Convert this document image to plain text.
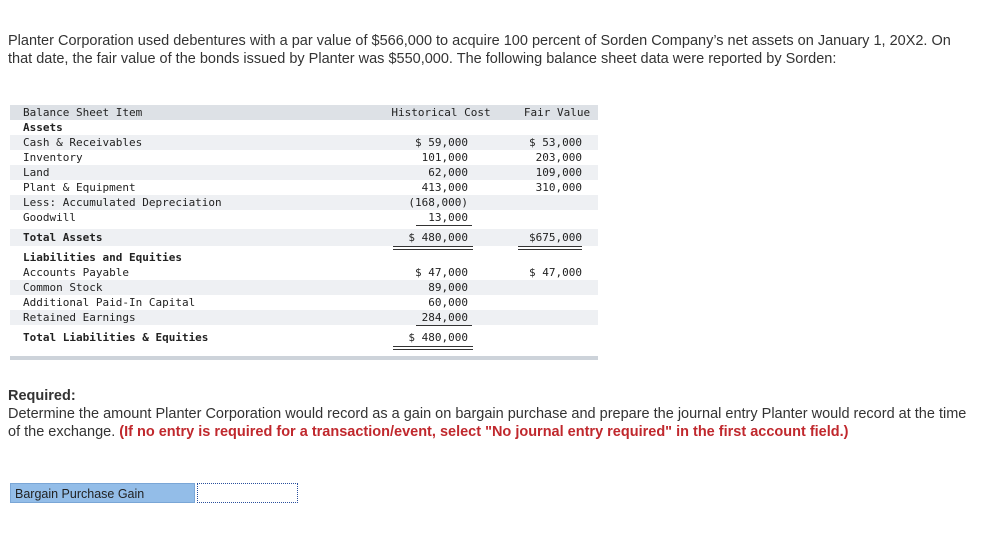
Planter Corporation used debentures with a par value of $566,000 to acquire 100 percent of Sorden Company’s net assets on January 1, 20X2. On that date, the fair value of the bonds issued by Planter was $550,000. The following balance sheet data were reported by Sorden:
Balance Sheet Item	Historical Cost	Fair Value
Assets
Cash & Receivables	$ 59,000	$ 53,000
Inventory	101,000	203,000
Land	62,000	109,000
Plant & Equipment	413,000	310,000
Less: Accumulated Depreciation	(168,000)
Goodwill	13,000
Total Assets	$ 480,000	$675,000
Liabilities and Equities
Accounts Payable	$ 47,000	$ 47,000
Common Stock	89,000
Additional Paid-In Capital	60,000
Retained Earnings	284,000
Total Liabilities & Equities	$ 480,000
Required:
Determine the amount Planter Corporation would record as a gain on bargain purchase and prepare the journal entry Planter would record at the time of the exchange. (If no entry is required for a transaction/event, select "No journal entry required" in the first account field.)
Bargain Purchase Gain
